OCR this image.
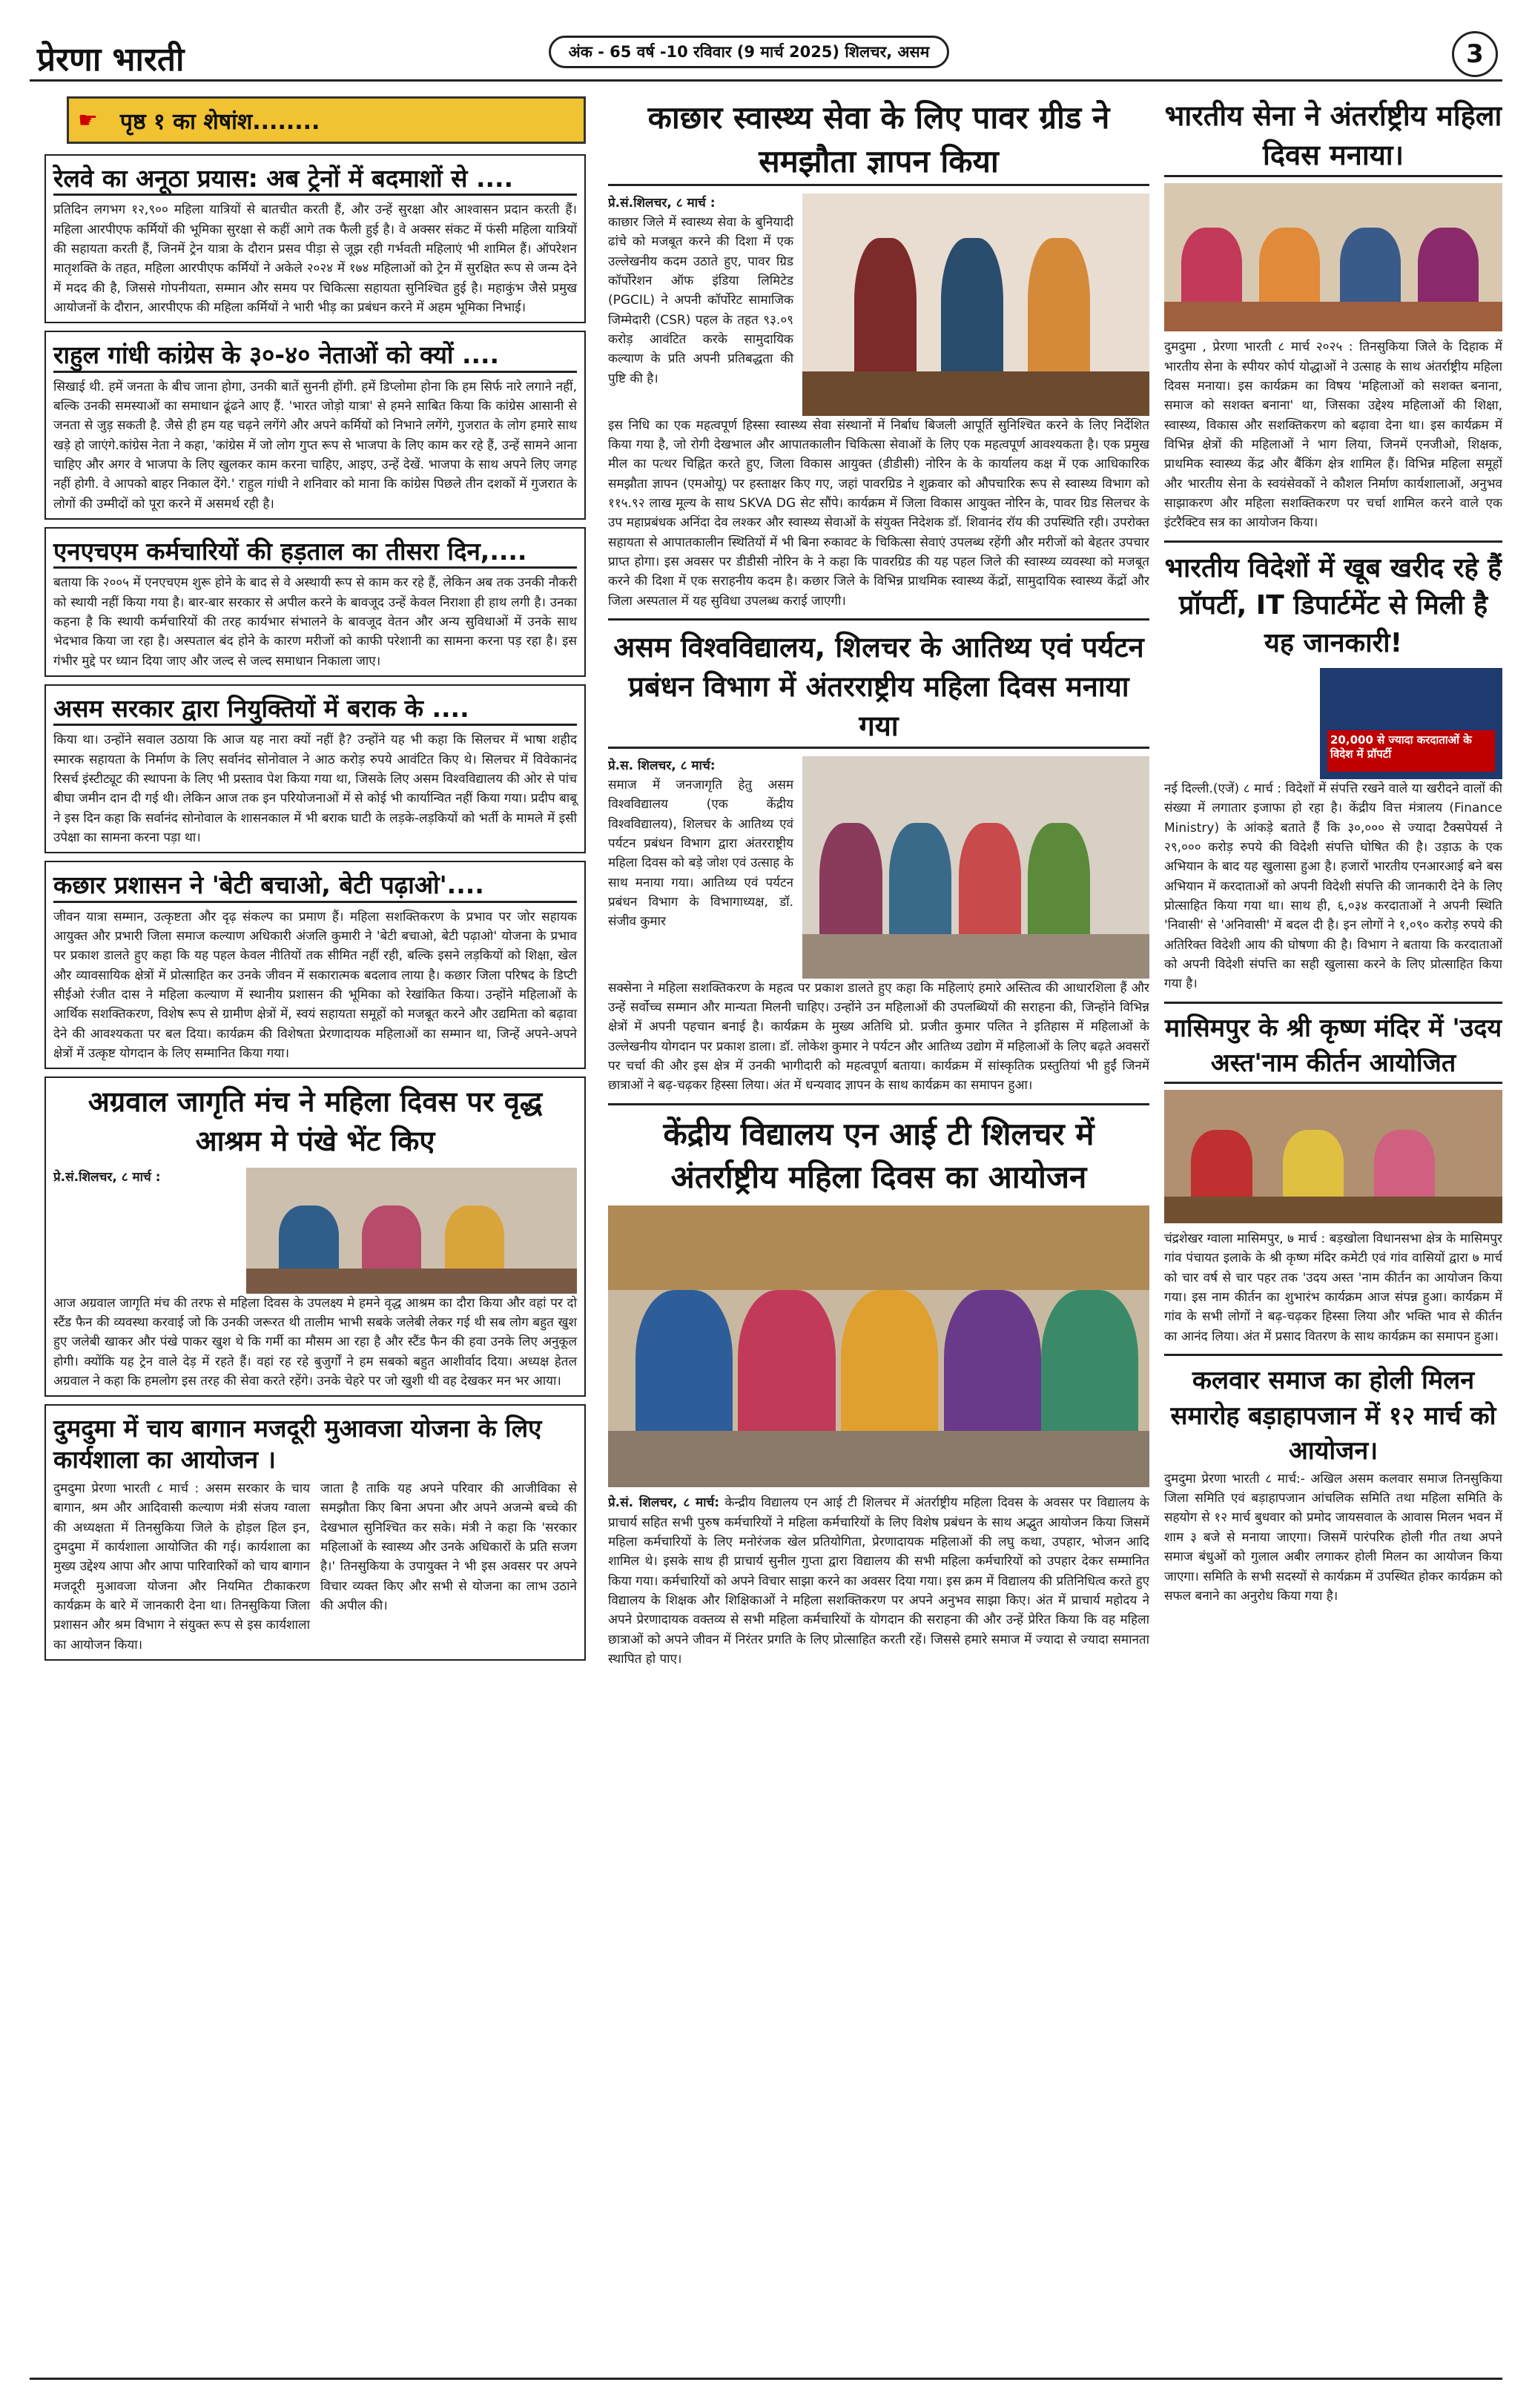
प्रेरणा भारती	अंक - 65 वर्ष -10 रविवार (9 मार्च 2025) शिलचर, असम	3
☛ पृष्ठ १ का शेषांश........
रेलवे का अनूठा प्रयास: अब ट्रेनों में बदमाशों से ....
प्रतिदिन लगभग १२,९०० महिला यात्रियों से बातचीत करती हैं, और उन्हें सुरक्षा और आश्वासन प्रदान करती हैं। महिला आरपीएफ कर्मियों की भूमिका सुरक्षा से कहीं आगे तक फैली हुई है। वे अक्सर संकट में फंसी महिला यात्रियों की सहायता करती हैं, जिनमें ट्रेन यात्रा के दौरान प्रसव पीड़ा से जूझ रही गर्भवती महिलाएं भी शामिल हैं। ऑपरेशन मातृशक्ति के तहत, महिला आरपीएफ कर्मियों ने अकेले २०२४ में १७४ महिलाओं को ट्रेन में सुरक्षित रूप से जन्म देने में मदद की है, जिससे गोपनीयता, सम्मान और समय पर चिकित्सा सहायता सुनिश्चित हुई है। महाकुंभ जैसे प्रमुख आयोजनों के दौरान, आरपीएफ की महिला कर्मियों ने भारी भीड़ का प्रबंधन करने में अहम भूमिका निभाई।
राहुल गांधी कांग्रेस के ३०-४० नेताओं को क्यों ....
सिखाई थी. हमें जनता के बीच जाना होगा, उनकी बातें सुननी होंगी. हमें डिप्लोमा होना कि हम सिर्फ नारे लगाने नहीं, बल्कि उनकी समस्याओं का समाधान ढूंढने आए हैं. 'भारत जोड़ो यात्रा' से हमने साबित किया कि कांग्रेस आसानी से जनता से जुड़ सकती है. जैसे ही हम यह चढ़ने लगेंगे और अपने कर्मियों को निभाने लगेंगे, गुजरात के लोग हमारे साथ खड़े हो जाएंगे.कांग्रेस नेता ने कहा, 'कांग्रेस में जो लोग गुप्त रूप से भाजपा के लिए काम कर रहे हैं, उन्हें सामने आना चाहिए और अगर वे भाजपा के लिए खुलकर काम करना चाहिए, आइए, उन्हें देखें. भाजपा के साथ अपने लिए जगह नहीं होगी. वे आपको बाहर निकाल देंगे.' राहुल गांधी ने शनिवार को माना कि कांग्रेस पिछले तीन दशकों में गुजरात के लोगों की उम्मीदों को पूरा करने में असमर्थ रही है।
एनएचएम कर्मचारियों की हड़ताल का तीसरा दिन,....
बताया कि २००५ में एनएचएम शुरू होने के बाद से वे अस्थायी रूप से काम कर रहे हैं, लेकिन अब तक उनकी नौकरी को स्थायी नहीं किया गया है। बार-बार सरकार से अपील करने के बावजूद उन्हें केवल निराशा ही हाथ लगी है। उनका कहना है कि स्थायी कर्मचारियों की तरह कार्यभार संभालने के बावजूद वेतन और अन्य सुविधाओं में उनके साथ भेदभाव किया जा रहा है। अस्पताल बंद होने के कारण मरीजों को काफी परेशानी का सामना करना पड़ रहा है। इस गंभीर मुद्दे पर ध्यान दिया जाए और जल्द से जल्द समाधान निकाला जाए।
असम सरकार द्वारा नियुक्तियों में बराक के ....
किया था। उन्होंने सवाल उठाया कि आज यह नारा क्यों नहीं है? उन्होंने यह भी कहा कि सिलचर में भाषा शहीद स्मारक सहायता के निर्माण के लिए सर्वानंद सोनोवाल ने आठ करोड़ रुपये आवंटित किए थे। सिलचर में विवेकानंद रिसर्च इंस्टीट्यूट की स्थापना के लिए भी प्रस्ताव पेश किया गया था, जिसके लिए असम विश्वविद्यालय की ओर से पांच बीघा जमीन दान दी गई थी। लेकिन आज तक इन परियोजनाओं में से कोई भी कार्यान्वित नहीं किया गया। प्रदीप बाबू ने इस दिन कहा कि सर्वानंद सोनोवाल के शासनकाल में भी बराक घाटी के लड़के-लड़कियों को भर्ती के मामले में इसी उपेक्षा का सामना करना पड़ा था।
कछार प्रशासन ने 'बेटी बचाओ, बेटी पढ़ाओ'....
जीवन यात्रा सम्मान, उत्कृष्टता और दृढ़ संकल्प का प्रमाण हैं। महिला सशक्तिकरण के प्रभाव पर जोर सहायक आयुक्त और प्रभारी जिला समाज कल्याण अधिकारी अंजलि कुमारी ने 'बेटी बचाओ, बेटी पढ़ाओ' योजना के प्रभाव पर प्रकाश डालते हुए कहा कि यह पहल केवल नीतियों तक सीमित नहीं रही, बल्कि इसने लड़कियों को शिक्षा, खेल और व्यावसायिक क्षेत्रों में प्रोत्साहित कर उनके जीवन में सकारात्मक बदलाव लाया है। कछार जिला परिषद के डिप्टी सीईओ रंजीत दास ने महिला कल्याण में स्थानीय प्रशासन की भूमिका को रेखांकित किया। उन्होंने महिलाओं के आर्थिक सशक्तिकरण, विशेष रूप से ग्रामीण क्षेत्रों में, स्वयं सहायता समूहों को मजबूत करने और उद्यमिता को बढ़ावा देने की आवश्यकता पर बल दिया। कार्यक्रम की विशेषता प्रेरणादायक महिलाओं का सम्मान था, जिन्हें अपने-अपने क्षेत्रों में उत्कृष्ट योगदान के लिए सम्मानित किया गया।
अग्रवाल जागृति मंच ने महिला दिवस पर वृद्ध आश्रम मे पंखे भेंट किए
प्रे.सं.शिलचर, ८ मार्च :
आज अग्रवाल जागृति मंच की तरफ से महिला दिवस के उपलक्ष्य मे हमने वृद्ध आश्रम का दौरा किया और वहां पर दो स्टैंड फैन की व्यवस्था करवाई जो कि उनकी जरूरत थी तालीम भाभी सबके जलेबी लेकर गई थी सब लोग बहुत खुश हुए जलेबी खाकर और पंखे पाकर खुश थे कि गर्मी का मौसम आ रहा है और स्टैंड फैन की हवा उनके लिए अनुकूल होगी। क्योंकि यह ट्रेन वाले देड़ में रहते हैं। वहां रह रहे बुजुर्गों ने हम सबको बहुत आशीर्वाद दिया। अध्यक्ष हेतल अग्रवाल ने कहा कि हमलोग इस तरह की सेवा करते रहेंगे। उनके चेहरे पर जो खुशी थी वह देखकर मन भर आया।
दुमदुमा में चाय बागान मजदूरी मुआवजा योजना के लिए कार्यशाला का आयोजन ।
दुमदुमा प्रेरणा भारती ८ मार्च : असम सरकार के चाय बागान, श्रम और आदिवासी कल्याण मंत्री संजय ग्वाला की अध्यक्षता में तिनसुकिया जिले के होड़ल हिल इन, दुमदुमा में कार्यशाला आयोजित की गई। कार्यशाला का मुख्य उद्देश्य आपा और आपा पारिवारिकों को चाय बागान मजदूरी मुआवजा योजना और नियमित टीकाकरण कार्यक्रम के बारे में जानकारी देना था। तिनसुकिया जिला प्रशासन और श्रम विभाग ने संयुक्त रूप से इस कार्यशाला का आयोजन किया।
जाता है ताकि यह अपने परिवार की आजीविका से समझौता किए बिना अपना और अपने अजन्मे बच्चे की देखभाल सुनिश्चित कर सके। मंत्री ने कहा कि 'सरकार महिलाओं के स्वास्थ्य और उनके अधिकारों के प्रति सजग है।' तिनसुकिया के उपायुक्त ने भी इस अवसर पर अपने विचार व्यक्त किए और सभी से योजना का लाभ उठाने की अपील की।
काछार स्वास्थ्य सेवा के लिए पावर ग्रीड ने समझौता ज्ञापन किया
प्रे.सं.शिलचर, ८ मार्च :
काछार जिले में स्वास्थ्य सेवा के बुनियादी ढांचे को मजबूत करने की दिशा में एक उल्लेखनीय कदम उठाते हुए, पावर ग्रिड कॉर्पोरेशन ऑफ इंडिया लिमिटेड (PGCIL) ने अपनी कॉर्पोरेट सामाजिक जिम्मेदारी (CSR) पहल के तहत ९३.०९ करोड़ आवंटित करके सामुदायिक कल्याण के प्रति अपनी प्रतिबद्धता की पुष्टि की है।
इस निधि का एक महत्वपूर्ण हिस्सा स्वास्थ्य सेवा संस्थानों में निर्बाध बिजली आपूर्ति सुनिश्चित करने के लिए निर्देशित किया गया है, जो रोगी देखभाल और आपातकालीन चिकित्सा सेवाओं के लिए एक महत्वपूर्ण आवश्यकता है। एक प्रमुख मील का पत्थर चिह्नित करते हुए, जिला विकास आयुक्त (डीडीसी) नोरिन के के कार्यालय कक्ष में एक आधिकारिक समझौता ज्ञापन (एमओयू) पर हस्ताक्षर किए गए, जहां पावरग्रिड ने शुक्रवार को औपचारिक रूप से स्वास्थ्य विभाग को ११५.९२ लाख मूल्य के साथ SKVA DG सेट सौंपे। कार्यक्रम में जिला विकास आयुक्त नोरिन के, पावर ग्रिड सिलचर के उप महाप्रबंधक अनिंदा देव लश्कर और स्वास्थ्य सेवाओं के संयुक्त निदेशक डॉ. शिवानंद रॉय की उपस्थिति रही। उपरोक्त सहायता से आपातकालीन स्थितियों में भी बिना रुकावट के चिकित्सा सेवाएं उपलब्ध रहेंगी और मरीजों को बेहतर उपचार प्राप्त होगा। इस अवसर पर डीडीसी नोरिन के ने कहा कि पावरग्रिड की यह पहल जिले की स्वास्थ्य व्यवस्था को मजबूत करने की दिशा में एक सराहनीय कदम है। कछार जिले के विभिन्न प्राथमिक स्वास्थ्य केंद्रों, सामुदायिक स्वास्थ्य केंद्रों और जिला अस्पताल में यह सुविधा उपलब्ध कराई जाएगी।
असम विश्वविद्यालय, शिलचर के आतिथ्य एवं पर्यटन प्रबंधन विभाग में अंतरराष्ट्रीय महिला दिवस मनाया गया
प्रे.स. शिलचर, ८ मार्च:
समाज में जनजागृति हेतु असम विश्वविद्यालय (एक केंद्रीय विश्वविद्यालय), शिलचर के आतिथ्य एवं पर्यटन प्रबंधन विभाग द्वारा अंतरराष्ट्रीय महिला दिवस को बड़े जोश एवं उत्साह के साथ मनाया गया। आतिथ्य एवं पर्यटन प्रबंधन विभाग के विभागाध्यक्ष, डॉ. संजीव कुमार
सक्सेना ने महिला सशक्तिकरण के महत्व पर प्रकाश डालते हुए कहा कि महिलाएं हमारे अस्तित्व की आधारशिला हैं और उन्हें सर्वोच्च सम्मान और मान्यता मिलनी चाहिए। उन्होंने उन महिलाओं की उपलब्धियों की सराहना की, जिन्होंने विभिन्न क्षेत्रों में अपनी पहचान बनाई है। कार्यक्रम के मुख्य अतिथि प्रो. प्रजीत कुमार पलित ने इतिहास में महिलाओं के उल्लेखनीय योगदान पर प्रकाश डाला। डॉ. लोकेश कुमार ने पर्यटन और आतिथ्य उद्योग में महिलाओं के लिए बढ़ते अवसरों पर चर्चा की और इस क्षेत्र में उनकी भागीदारी को महत्वपूर्ण बताया। कार्यक्रम में सांस्कृतिक प्रस्तुतियां भी हुईं जिनमें छात्राओं ने बढ़-चढ़कर हिस्सा लिया। अंत में धन्यवाद ज्ञापन के साथ कार्यक्रम का समापन हुआ।
केंद्रीय विद्यालय एन आई टी शिलचर में अंतर्राष्ट्रीय महिला दिवस का आयोजन
प्रे.सं. शिलचर, ८ मार्च: केन्द्रीय विद्यालय एन आई टी शिलचर में अंतर्राष्ट्रीय महिला दिवस के अवसर पर विद्यालय के प्राचार्य सहित सभी पुरुष कर्मचारियों ने महिला कर्मचारियों के लिए विशेष प्रबंधन के साथ अद्भुत आयोजन किया जिसमें महिला कर्मचारियों के लिए मनोरंजक खेल प्रतियोगिता, प्रेरणादायक महिलाओं की लघु कथा, उपहार, भोजन आदि शामिल थे। इसके साथ ही प्राचार्य सुनील गुप्ता द्वारा विद्यालय की सभी महिला कर्मचारियों को उपहार देकर सम्मानित किया गया। कर्मचारियों को अपने विचार साझा करने का अवसर दिया गया। इस क्रम में विद्यालय की प्रतिनिधित्व करते हुए विद्यालय के शिक्षक और शिक्षिकाओं ने महिला सशक्तिकरण पर अपने अनुभव साझा किए। अंत में प्राचार्य महोदय ने अपने प्रेरणादायक वक्तव्य से सभी महिला कर्मचारियों के योगदान की सराहना की और उन्हें प्रेरित किया कि वह महिला छात्राओं को अपने जीवन में निरंतर प्रगति के लिए प्रोत्साहित करती रहें। जिससे हमारे समाज में ज्यादा से ज्यादा समानता स्थापित हो पाए।
भारतीय सेना ने अंतर्राष्ट्रीय महिला दिवस मनाया।
दुमदुमा , प्रेरणा भारती ८ मार्च २०२५ : तिनसुकिया जिले के दिहाक में भारतीय सेना के स्पीयर कोर्प योद्धाओं ने उत्साह के साथ अंतर्राष्ट्रीय महिला दिवस मनाया। इस कार्यक्रम का विषय 'महिलाओं को सशक्त बनाना, समाज को सशक्त बनाना' था, जिसका उद्देश्य महिलाओं की शिक्षा, स्वास्थ्य, विकास और सशक्तिकरण को बढ़ावा देना था। इस कार्यक्रम में विभिन्न क्षेत्रों की महिलाओं ने भाग लिया, जिनमें एनजीओ, शिक्षक, प्राथमिक स्वास्थ्य केंद्र और बैंकिंग क्षेत्र शामिल हैं। विभिन्न महिला समूहों और भारतीय सेना के स्वयंसेवकों ने कौशल निर्माण कार्यशालाओं, अनुभव साझाकरण और महिला सशक्तिकरण पर चर्चा शामिल करने वाले एक इंटरैक्टिव सत्र का आयोजन किया।
भारतीय विदेशों में खूब खरीद रहे हैं प्रॉपर्टी, IT डिपार्टमेंट से मिली है यह जानकारी!
20,000 से ज्यादा करदाताओं के विदेश में प्रॉपर्टी
नई दिल्ली.(एजें) ८ मार्च : विदेशों में संपत्ति रखने वाले या खरीदने वालों की संख्या में लगातार इजाफा हो रहा है। केंद्रीय वित्त मंत्रालय (Finance Ministry) के आंकड़े बताते हैं कि ३०,००० से ज्यादा टैक्सपेयर्स ने २९,००० करोड़ रुपये की विदेशी संपत्ति घोषित की है। उड़ाऊ के एक अभियान के बाद यह खुलासा हुआ है। हजारों भारतीय एनआरआई बने बस अभियान में करदाताओं को अपनी विदेशी संपत्ति की जानकारी देने के लिए प्रोत्साहित किया गया था। साथ ही, ६,०३४ करदाताओं ने अपनी स्थिति 'निवासी' से 'अनिवासी' में बदल दी है। इन लोगों ने १,०९० करोड़ रुपये की अतिरिक्त विदेशी आय की घोषणा की है। विभाग ने बताया कि करदाताओं को अपनी विदेशी संपत्ति का सही खुलासा करने के लिए प्रोत्साहित किया गया है।
मासिमपुर के श्री कृष्ण मंदिर में 'उदय अस्त'नाम कीर्तन आयोजित
चंद्रशेखर ग्वाला मासिमपुर, ७ मार्च : बड़खोला विधानसभा क्षेत्र के मासिमपुर गांव पंचायत इलाके के श्री कृष्ण मंदिर कमेटी एवं गांव वासियों द्वारा ७ मार्च को चार वर्ष से चार पहर तक 'उदय अस्त 'नाम कीर्तन का आयोजन किया गया। इस नाम कीर्तन का शुभारंभ कार्यक्रम आज संपन्न हुआ। कार्यक्रम में गांव के सभी लोगों ने बढ़-चढ़कर हिस्सा लिया और भक्ति भाव से कीर्तन का आनंद लिया। अंत में प्रसाद वितरण के साथ कार्यक्रम का समापन हुआ।
कलवार समाज का होली मिलन समारोह बड़ाहापजान में १२ मार्च को आयोजन।
दुमदुमा प्रेरणा भारती ८ मार्च:- अखिल असम कलवार समाज तिनसुकिया जिला समिति एवं बड़ाहापजान आंचलिक समिति तथा महिला समिति के सहयोग से १२ मार्च बुधवार को प्रमोद जायसवाल के आवास मिलन भवन में शाम ३ बजे से मनाया जाएगा। जिसमें पारंपरिक होली गीत तथा अपने समाज बंधुओं को गुलाल अबीर लगाकर होली मिलन का आयोजन किया जाएगा। समिति के सभी सदस्यों से कार्यक्रम में उपस्थित होकर कार्यक्रम को सफल बनाने का अनुरोध किया गया है।
